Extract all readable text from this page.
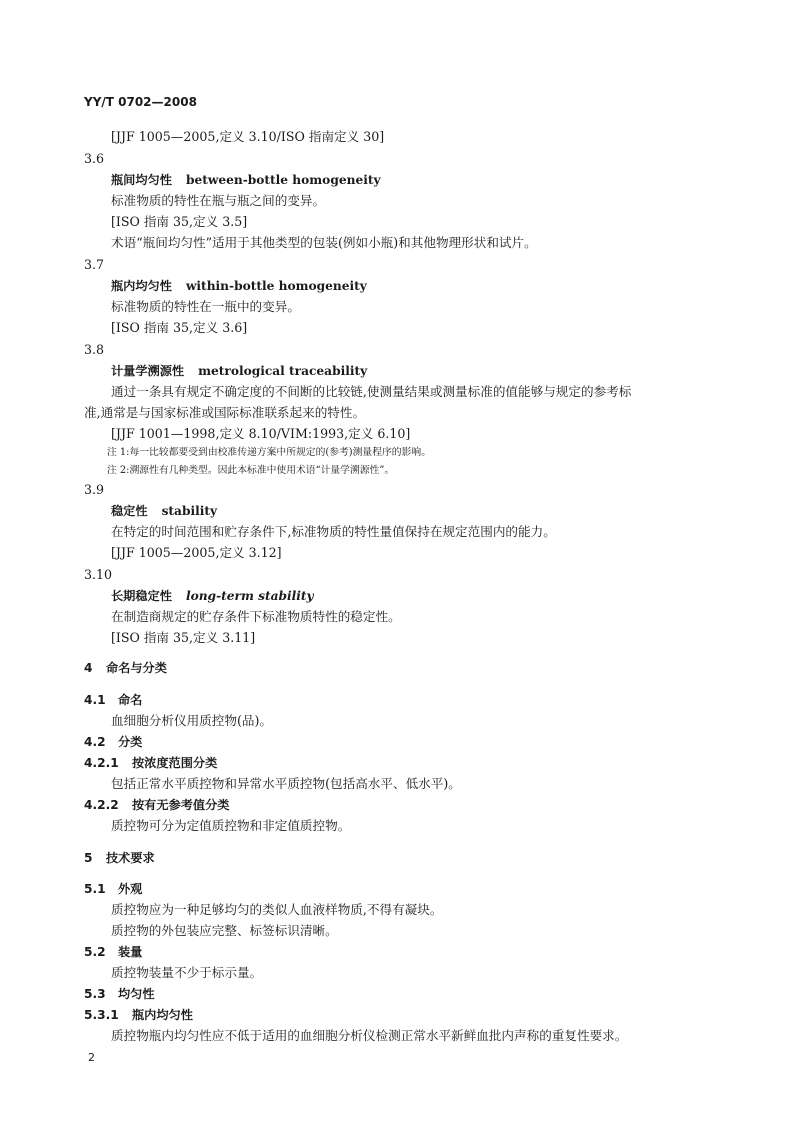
YY/T 0702—2008
[JJF 1005—2005,定义 3.10/ISO 指南定义 30]
3.6
瓶间均匀性 between-bottle homogeneity
标准物质的特性在瓶与瓶之间的变异。
[ISO 指南 35,定义 3.5]
术语“瓶间均匀性”适用于其他类型的包装(例如小瓶)和其他物理形状和试片。
3.7
瓶内均匀性 within-bottle homogeneity
标准物质的特性在一瓶中的变异。
[ISO 指南 35,定义 3.6]
3.8
计量学溯源性 metrological traceability
通过一条具有规定不确定度的不间断的比较链,使测量结果或测量标准的值能够与规定的参考标
准,通常是与国家标准或国际标准联系起来的特性。
[JJF 1001—1998,定义 8.10/VIM:1993,定义 6.10]
注 1:每一比较都要受到由校准传递方案中所规定的(参考)测量程序的影响。
注 2:溯源性有几种类型。因此本标准中使用术语“计量学溯源性”。
3.9
稳定性 stability
在特定的时间范围和贮存条件下,标准物质的特性量值保持在规定范围内的能力。
[JJF 1005—2005,定义 3.12]
3.10
长期稳定性 long-term stability
在制造商规定的贮存条件下标准物质特性的稳定性。
[ISO 指南 35,定义 3.11]
4 命名与分类
4.1 命名
血细胞分析仪用质控物(品)。
4.2 分类
4.2.1 按浓度范围分类
包括正常水平质控物和异常水平质控物(包括高水平、低水平)。
4.2.2 按有无参考值分类
质控物可分为定值质控物和非定值质控物。
5 技术要求
5.1 外观
质控物应为一种足够均匀的类似人血液样物质,不得有凝块。
质控物的外包装应完整、标签标识清晰。
5.2 装量
质控物装量不少于标示量。
5.3 均匀性
5.3.1 瓶内均匀性
质控物瓶内均匀性应不低于适用的血细胞分析仪检测正常水平新鲜血批内声称的重复性要求。
2
